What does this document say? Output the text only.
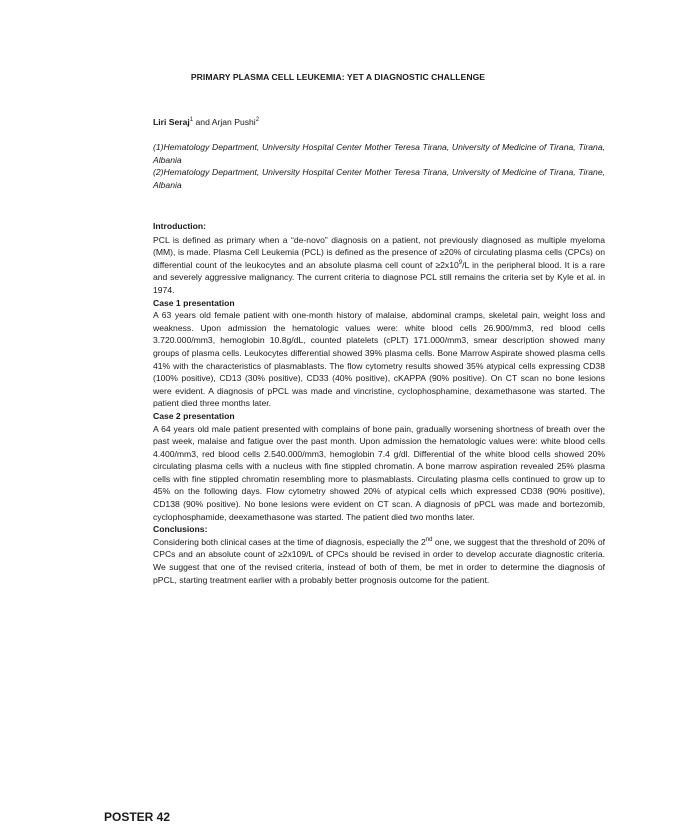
PRIMARY PLASMA CELL LEUKEMIA: YET A DIAGNOSTIC CHALLENGE
Liri Seraj$^1$ and Arjan Pushi$^2$

(1)Hematology Department, University Hospital Center Mother Teresa Tirana, University of Medicine of Tirana, Tirana, Albania

(2)Hematology Department, University Hospital Center Mother Teresa Tirana, University of Medicine of Tirana, Tirane, Albania

Introduction:

PCL is defined as primary when a “de-novo” diagnosis on a patient, not previously diagnosed as multiple myeloma (MM), is made. Plasma Cell Leukemia (PCL) is defined as the presence of ≥20% of circulating plasma cells (CPCs) on differential count of the leukocytes and an absolute plasma cell count of $\ge 2x10^9/L$ in the peripheral blood. It is a rare and severely aggressive malignancy. The current criteria to diagnose PCL still remains the criteria set by Kyle et al. in 1974.

Case 1 presentation

A 63 years old female patient with one-month history of malaise, abdominal cramps, skeletal pain, weight loss and weakness. Upon admission the hematologic values were: white blood cells 26.900/mm3, red blood cells 3.720.000/mm3, hemoglobin 10.8g/dL, counted platelets (cPLT) 171.000/mm3, smear description showed many groups of plasma cells. Leukocytes differential showed 39% plasma cells. Bone Marrow Aspirate showed plasma cells 41% with the characteristics of plasmablasts. The flow cytometry results showed 35% atypical cells expressing CD38 (100% positive), CD13 (30% positive), CD33 (40% positive), cKAPPA (90% positive). On CT scan no bone lesions were evident. A diagnosis of pPCL was made and vincristine, cyclophosphamine, dexamethasone was started. The patient died three months later.

Case 2 presentation

A 64 years old male patient presented with complains of bone pain, gradually worsening shortness of breath over the past week, malaise and fatigue over the past month. Upon admission the hematologic values were: white blood cells 4.400/mm3, red blood cells 2.540.000/mm3, hemoglobin 7.4 g/dl. Differential of the white blood cells showed 20% circulating plasma cells with a nucleus with fine stippled chromatin. A bone marrow aspiration revealed 25% plasma cells with fine stippled chromatin resembling more to plasmablasts. Circulating plasma cells continued to grow up to 45% on the following days. Flow cytometry showed 20% of atypical cells which expressed CD38 (90% positive), CD138 (90% positive). No bone lesions were evident on CT scan. A diagnosis of pPCL was made and bortezomib, cyclophosphamide, deexamethasone was started. The patient died two months later.

Conclusions:

Considering both clinical cases at the time of diagnosis, especially the 2nd one, we suggest that the threshold of 20% of CPCs and an absolute count of ≥2x109/L of CPCs should be revised in order to develop accurate diagnostic criteria. We suggest that one of the revised criteria, instead of both of them, be met in order to determine the diagnosis of pPCL, starting treatment earlier with a probably better prognosis outcome for the patient.

POSTER 42
